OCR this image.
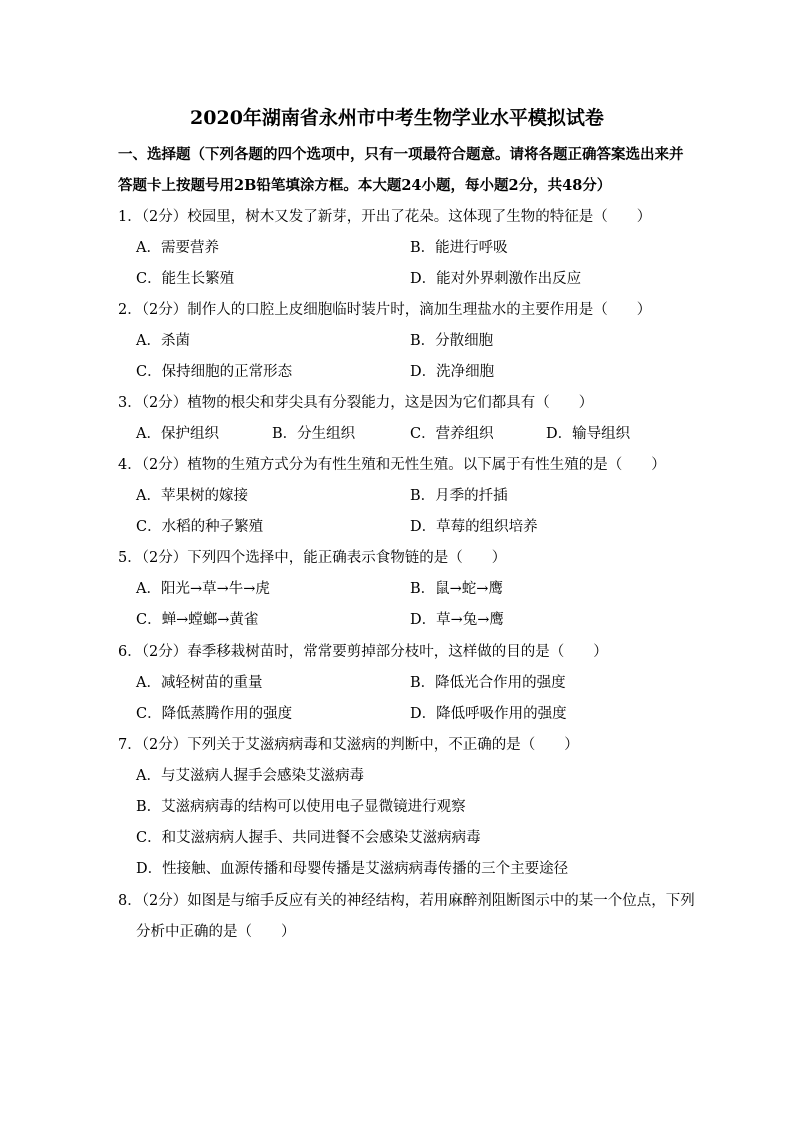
2020年湖南省永州市中考生物学业水平模拟试卷
一、选择题（下列各题的四个选项中，只有一项最符合题意。请将各题正确答案选出来并
答题卡上按题号用2B铅笔填涂方框。本大题24小题，每小题2分，共48分）
1．（2分）校园里，树木又发了新芽，开出了花朵。这体现了生物的特征是（　　）
A．需要营养	B．能进行呼吸
C．能生长繁殖	D．能对外界刺激作出反应
2．（2分）制作人的口腔上皮细胞临时装片时，滴加生理盐水的主要作用是（　　）
A．杀菌	B．分散细胞
C．保持细胞的正常形态	D．洗净细胞
3．（2分）植物的根尖和芽尖具有分裂能力，这是因为它们都具有（　　）
A．保护组织	B．分生组织	C．营养组织	D．输导组织
4．（2分）植物的生殖方式分为有性生殖和无性生殖。以下属于有性生殖的是（　　）
A．苹果树的嫁接	B．月季的扦插
C．水稻的种子繁殖	D．草莓的组织培养
5．（2分）下列四个选择中，能正确表示食物链的是（　　）
A．阳光→草→牛→虎	B．鼠→蛇→鹰
C．蝉→螳螂→黄雀	D．草→兔→鹰
6．（2分）春季移栽树苗时，常常要剪掉部分枝叶，这样做的目的是（　　）
A．减轻树苗的重量	B．降低光合作用的强度
C．降低蒸腾作用的强度	D．降低呼吸作用的强度
7．（2分）下列关于艾滋病病毒和艾滋病的判断中，不正确的是（　　）
A．与艾滋病人握手会感染艾滋病毒
B．艾滋病病毒的结构可以使用电子显微镜进行观察
C．和艾滋病病人握手、共同进餐不会感染艾滋病病毒
D．性接触、血源传播和母婴传播是艾滋病病毒传播的三个主要途径
8．（2分）如图是与缩手反应有关的神经结构，若用麻醉剂阻断图示中的某一个位点，下列
分析中正确的是（　　）
